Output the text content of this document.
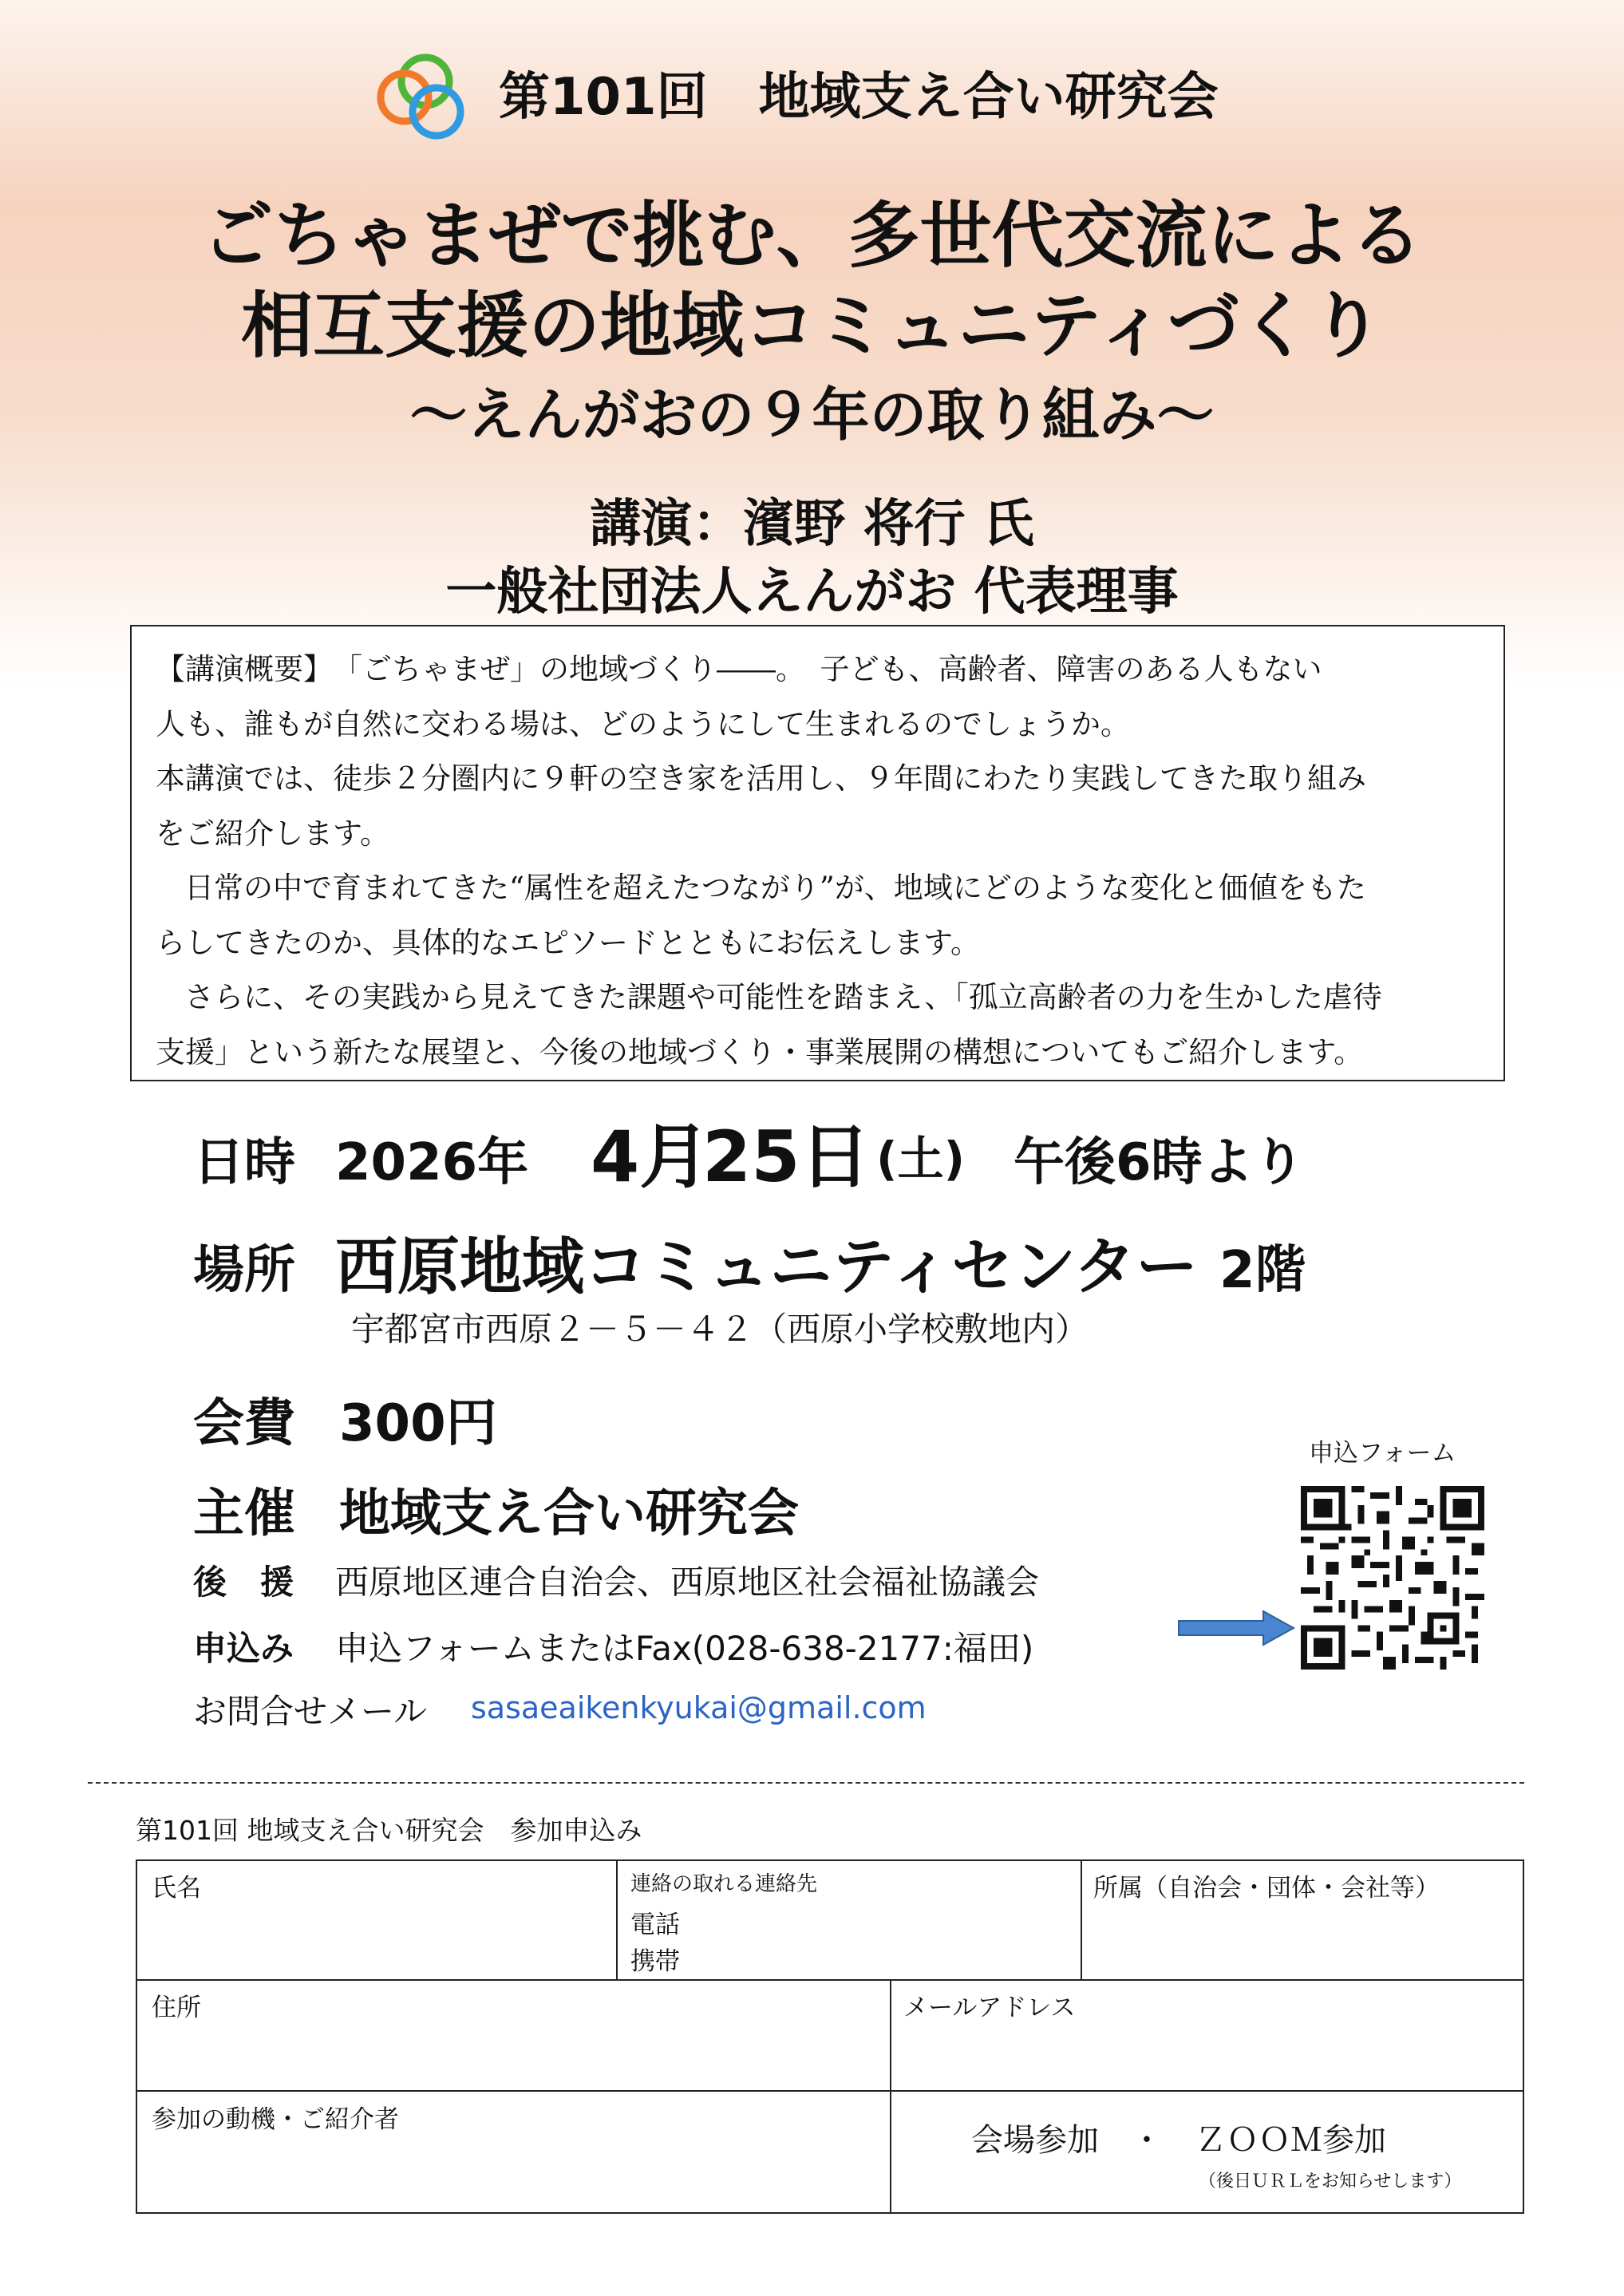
第101回　地域支え合い研究会
ごちゃまぜで挑む、多世代交流による
相互支援の地域コミュニティづくり
～えんがおの９年の取り組み～
講演：濱野 将行 氏
一般社団法人えんがお 代表理事

【講演概要】　「ごちゃまぜ」の地域づくり――。　子ども、高齢者、障害のある人もない

人も、誰もが自然に交わる場は、どのようにして生まれるのでしょうか。

本講演では、徒歩２分圏内に９軒の空き家を活用し、９年間にわたり実践してきた取り組み

をご紹介します。

日常の中で育まれてきた“属性を超えたつながり”が、地域にどのような変化と価値をもた

らしてきたのか、具体的なエピソードとともにお伝えします。

さらに、その実践から見えてきた課題や可能性を踏まえ、「孤立高齢者の力を生かした虐待

支援」という新たな展望と、今後の地域づくり・事業展開の構想についてもご紹介します。

日時 2026年 4月
25日 (土) 午後6時より
場所 西原地域コミュニティセンター 2階
宇都宮市西原２－５－４２（西原小学校敷地内）
会費 300円
主催 地域支え合い研究会
後　援 西原地区連合自治会、西原地区社会福祉協議会
申込み 申込フォームまたはFax(028-638-2177:福田)
お問合せメール sasaeaikenkyukai@gmail.com
申込フォーム
第101回 地域支え合い研究会　参加申込み
氏名	連絡の取れる連絡先
電話
携帯
所属（自治会・団体・会社等）
住所	メールアドレス
参加の動機・ご紹介者
会場参加　・　ＺＯＯＭ参加
（後日ＵＲＬをお知らせします）
